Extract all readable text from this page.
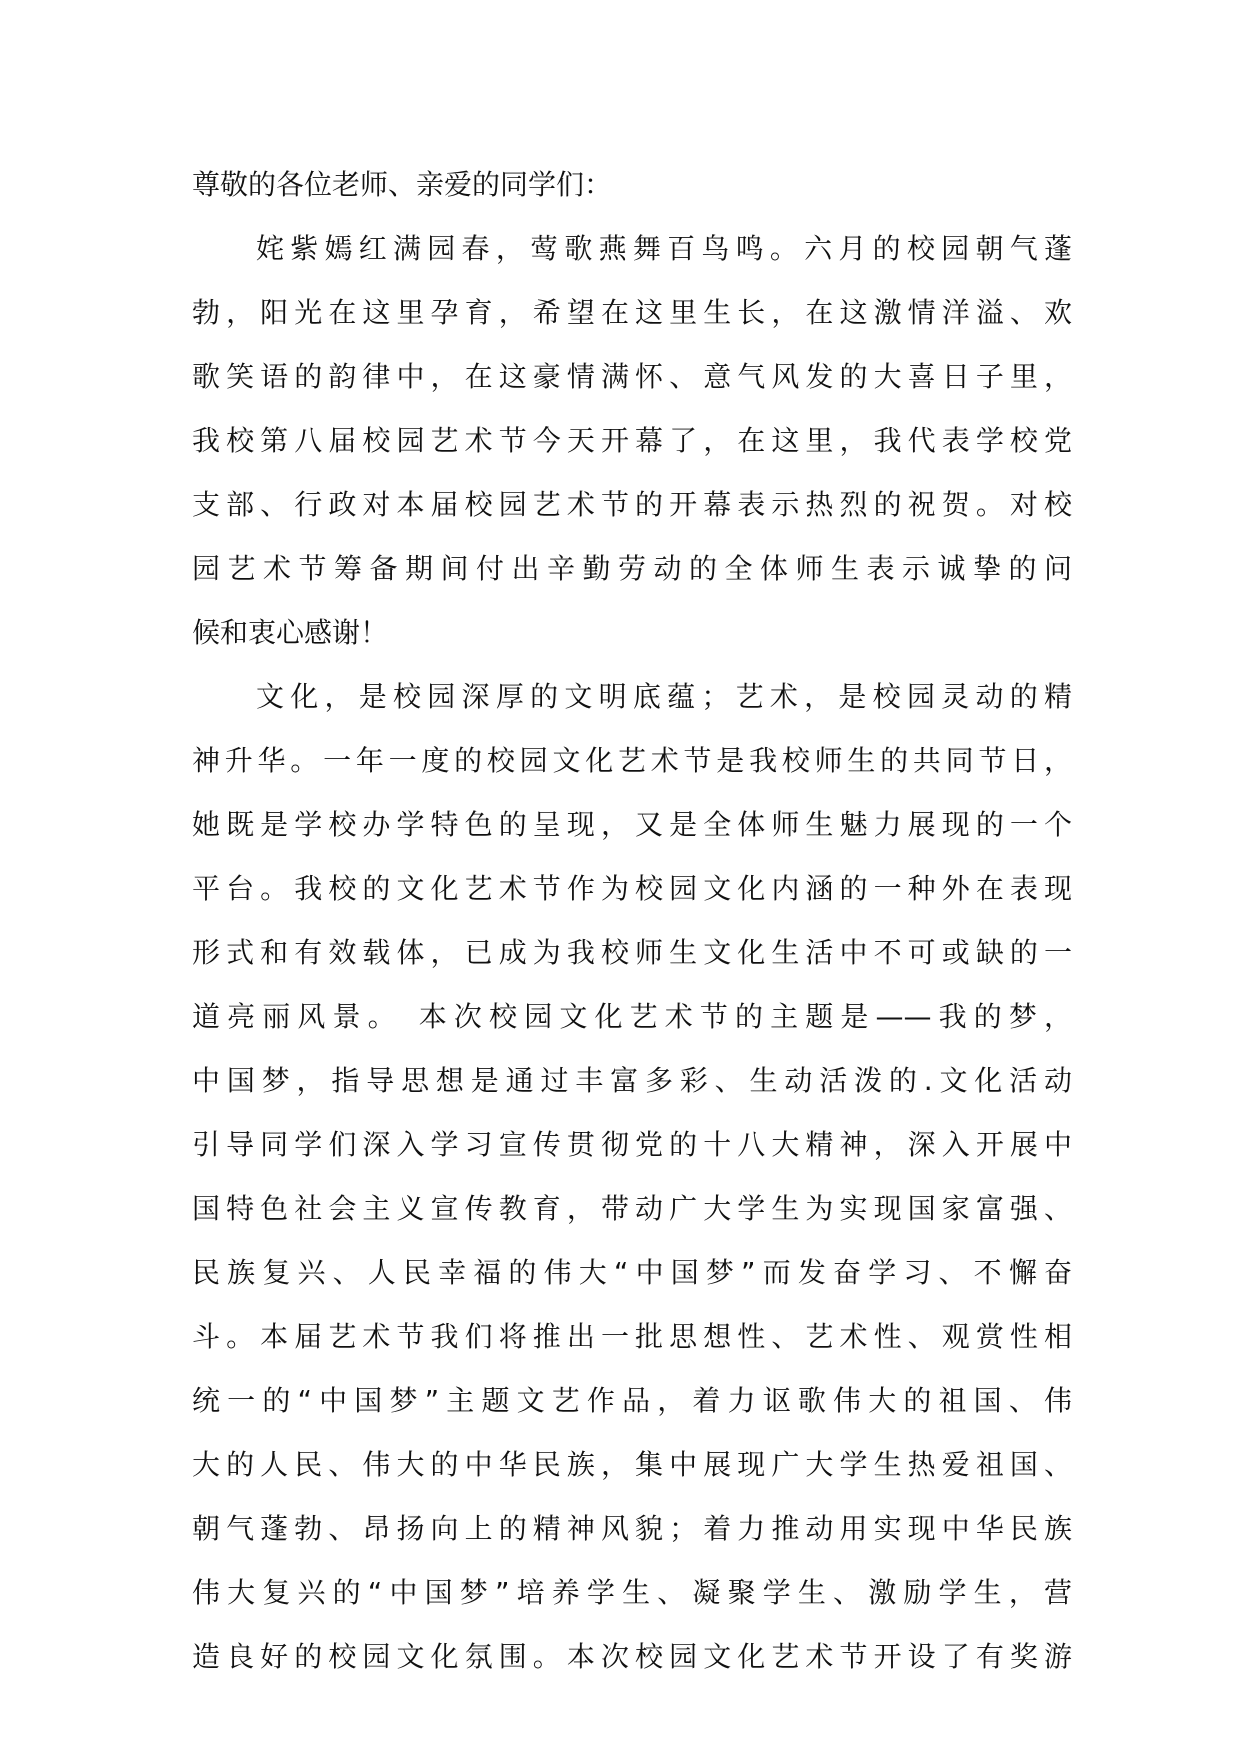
尊敬的各位老师、亲爱的同学们：
姹紫嫣红满园春，莺歌燕舞百鸟鸣。六月的校园朝气蓬
勃，阳光在这里孕育，希望在这里生长，在这激情洋溢、欢
歌笑语的韵律中，在这豪情满怀、意气风发的大喜日子里，
我校第八届校园艺术节今天开幕了，在这里，我代表学校党
支部、行政对本届校园艺术节的开幕表示热烈的祝贺。对校
园艺术节筹备期间付出辛勤劳动的全体师生表示诚挚的问
候和衷心感谢！
文化，是校园深厚的文明底蕴；艺术，是校园灵动的精
神升华。一年一度的校园文化艺术节是我校师生的共同节日，
她既是学校办学特色的呈现，又是全体师生魅力展现的一个
平台。我校的文化艺术节作为校园文化内涵的一种外在表现
形式和有效载体，已成为我校师生文化生活中不可或缺的一
道亮丽风景。 本次校园文化艺术节的主题是——我的梦，
中国梦，指导思想是通过丰富多彩、生动活泼的.文化活动
引导同学们深入学习宣传贯彻党的十八大精神，深入开展中
国特色社会主义宣传教育，带动广大学生为实现国家富强、
民族复兴、人民幸福的伟大“中国梦”而发奋学习、不懈奋
斗。本届艺术节我们将推出一批思想性、艺术性、观赏性相
统一的“中国梦”主题文艺作品，着力讴歌伟大的祖国、伟
大的人民、伟大的中华民族，集中展现广大学生热爱祖国、
朝气蓬勃、昂扬向上的精神风貌；着力推动用实现中华民族
伟大复兴的“中国梦”培养学生、凝聚学生、激励学生，营
造良好的校园文化氛围。本次校园文化艺术节开设了有奖游
